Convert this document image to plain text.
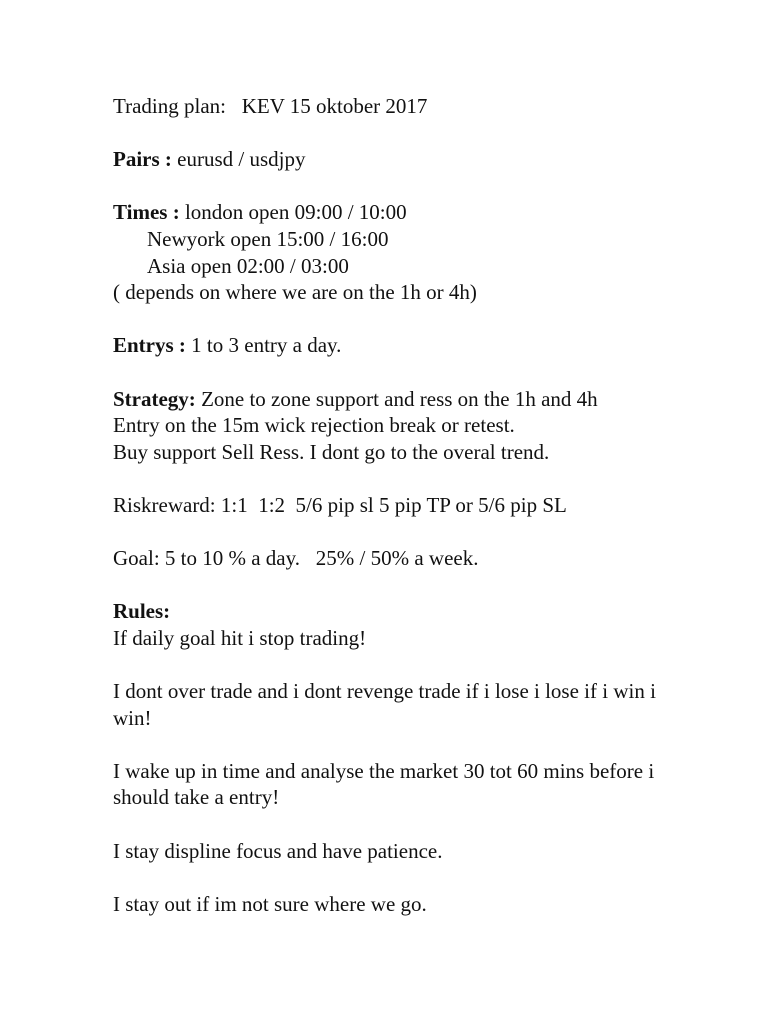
Trading plan:   KEV 15 oktober 2017
Pairs : eurusd / usdjpy
Times : london open 09:00 / 10:00
Newyork open 15:00 / 16:00
Asia open 02:00 / 03:00
( depends on where we are on the 1h or 4h)
Entrys : 1 to 3 entry a day.
Strategy: Zone to zone support and ress on the 1h and 4h
Entry on the 15m wick rejection break or retest.
Buy support Sell Ress. I dont go to the overal trend.
Riskreward: 1:1  1:2  5/6 pip sl 5 pip TP or 5/6 pip SL
Goal: 5 to 10 % a day.   25% / 50% a week.
Rules:
If daily goal hit i stop trading!
I dont over trade and i dont revenge trade if i lose i lose if i win i win!
I wake up in time and analyse the market 30 tot 60 mins before i should take a entry!
I stay displine focus and have patience.
I stay out if im not sure where we go.
